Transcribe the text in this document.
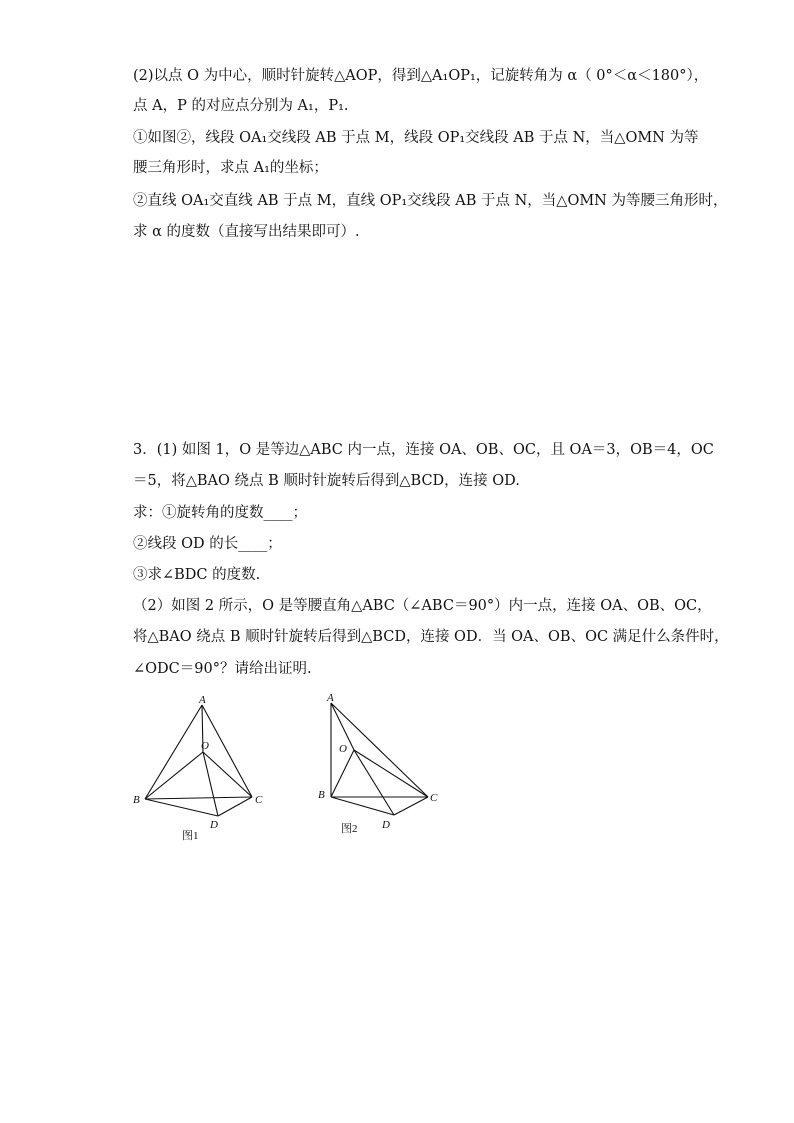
(2)以点 O 为中心，顺时针旋转△AOP，得到△A₁OP₁，记旋转角为 α（ 0°＜α＜180°），
点 A，P 的对应点分别为 A₁，P₁.
①如图②，线段 OA₁交线段 AB 于点 M，线段 OP₁交线段 AB 于点 N，当△OMN 为等
腰三角形时，求点 A₁的坐标；
②直线 OA₁交直线 AB 于点 M，直线 OP₁交线段 AB 于点 N，当△OMN 为等腰三角形时，
求 α 的度数（直接写出结果即可）.
3．(1) 如图 1，O 是等边△ABC 内一点，连接 OA、OB、OC，且 OA＝3，OB＝4，OC
＝5，将△BAO 绕点 B 顺时针旋转后得到△BCD，连接 OD.
求：①旋转角的度数____；
②线段 OD 的长____；
③求∠BDC 的度数.
（2）如图 2 所示，O 是等腰直角△ABC（∠ABC＝90°）内一点，连接 OA、OB、OC，
将△BAO 绕点 B 顺时针旋转后得到△BCD，连接 OD．当 OA、OB、OC 满足什么条件时，
∠ODC＝90°？请给出证明.
A
O
B	C
D
图1
A
O
B	C
D
图2
